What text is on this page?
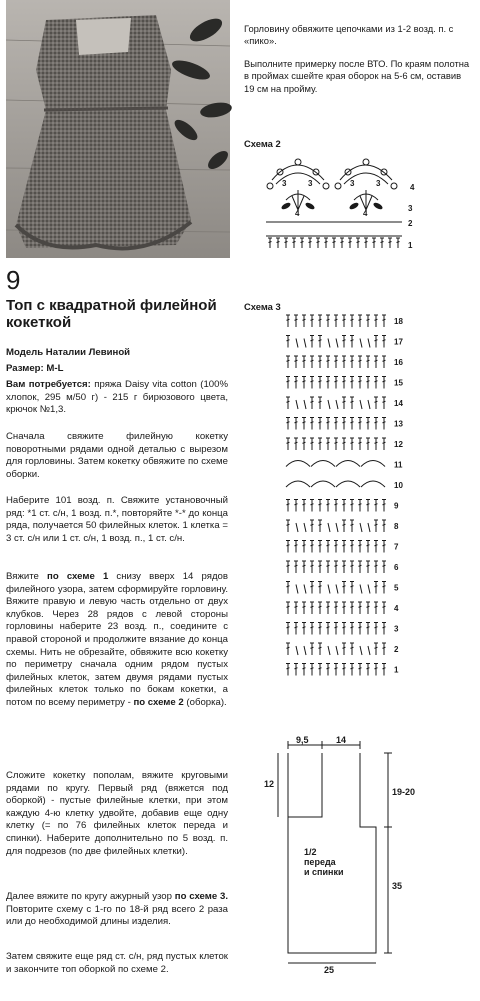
9
Топ с квадратной филейной кокеткой
Модель Наталии Левиной
Размер: M-L

Вам потребуется: пряжа Daisy vita cotton (100% хлопок, 295 м/50 г) - 215 г бирюзового цвета, крючок №1,3.

Сначала свяжите филейную кокетку поворотными рядами одной деталью с вырезом для горловины. Затем кокетку обвяжите по схеме оборки.

Наберите 101 возд. п. Свяжите установочный ряд: *1 ст. с/н, 1 возд. п.*, повторяйте *-* до конца ряда, получается 50 филейных клеток. 1 клетка = 3 ст. с/н или 1 ст. с/н, 1 возд. п., 1 ст. с/н.

Вяжите по схеме 1 снизу вверх 14 рядов филейного узора, затем сформируйте горловину. Вяжите правую и левую часть отдельно от двух клубков. Через 28 рядов с левой стороны горловины наберите 23 возд. п., соедините с правой стороной и продолжите вязание до конца схемы. Нить не обрезайте, обвяжите всю кокетку по периметру сначала одним рядом пустых филейных клеток, затем двумя рядами пустых филейных клеток только по бокам кокетки, а потом по всему периметру - по схеме 2 (оборка).

Сложите кокетку пополам, вяжите круговыми рядами по кругу. Первый ряд (вяжется под оборкой) - пустые филейные клетки, при этом каждую 4-ю клетку удвойте, добавив еще одну клетку (= по 76 филейных клеток переда и спинки). Наберите дополнительно по 5 возд. п. для подрезов (по две филейных клетки).

Далее вяжите по кругу ажурный узор по схеме 3. Повторите схему с 1-го по 18-й ряд всего 2 раза или до необходимой длины изделия.

Затем свяжите еще ряд ст. с/н, ряд пустых клеток и закончите топ оборкой по схеме 2.

Горловину обвяжите цепочками из 1-2 возд. п. с «пико».

Выполните примерку после ВТО. По краям полотна в проймах сшейте края оборок на 5-6 см, оставив 19 см на пройму.

Схема 2
Схема 3
3	3
4
3	3
4
1
2
3
4
1
2
3
4
5
6
7
8
9
10
11
12
13
14
15
16
17
18
9,5	14
12
19-20
35
25
1/2
переда
и спинки
